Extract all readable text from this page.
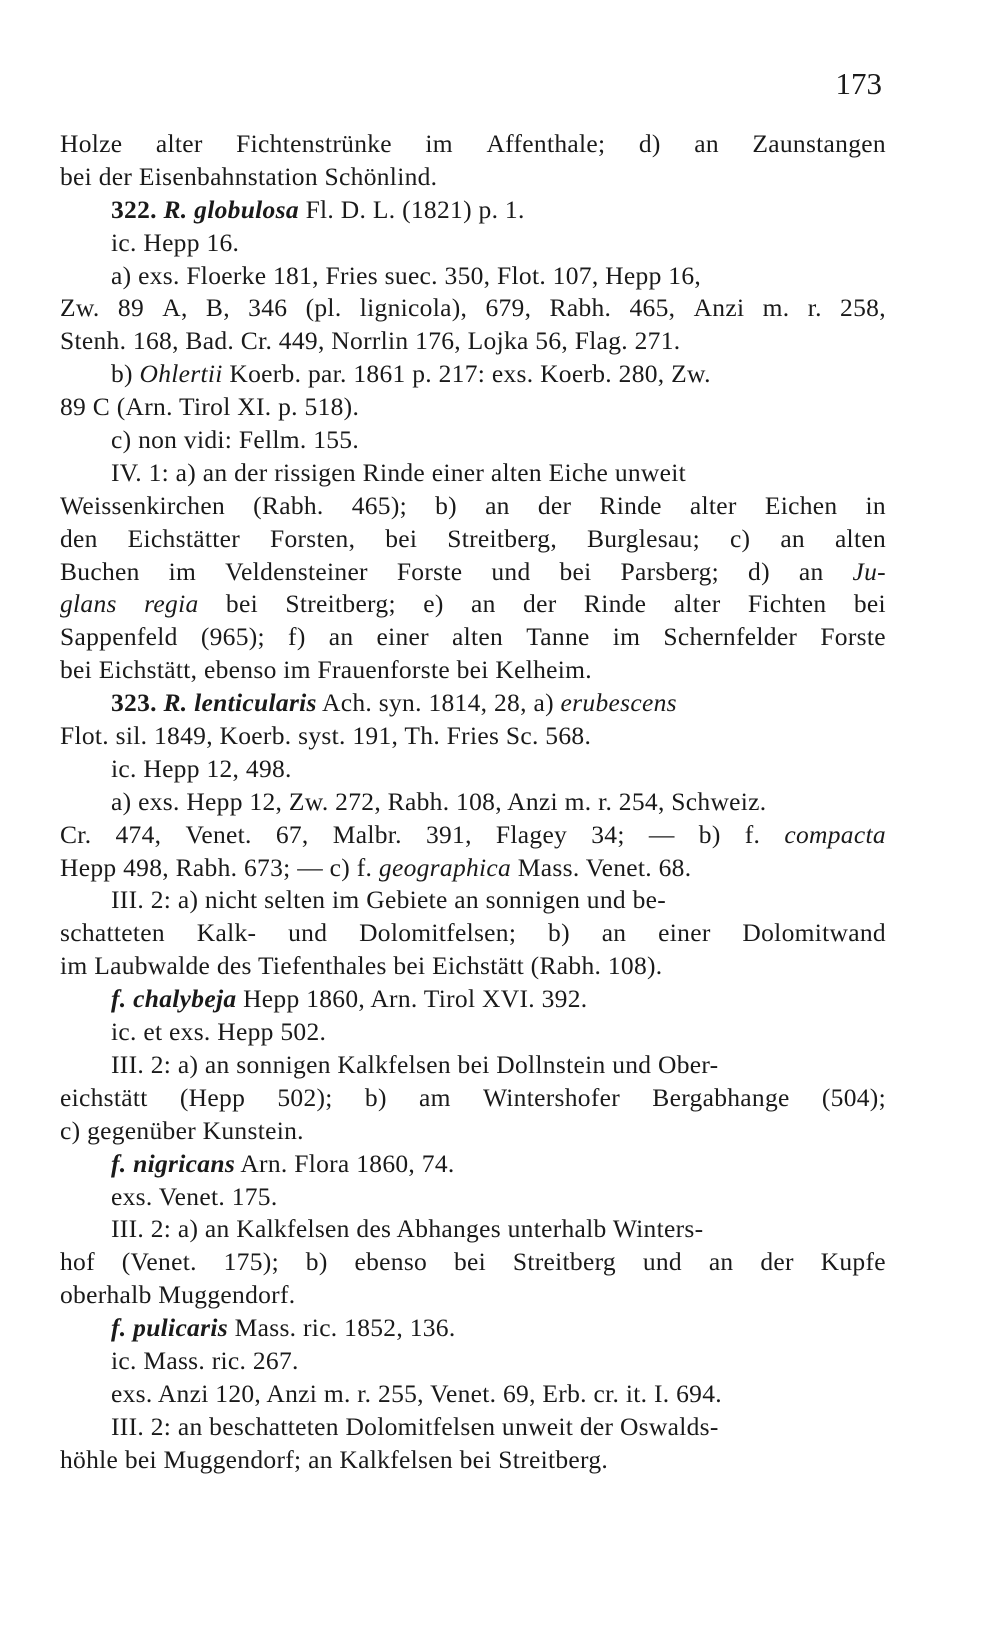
173
Holze alter Fichtenstrünke im Affenthale; d) an Zaunstangen
bei der Eisenbahnstation Schönlind.
322. R. globulosa Fl. D. L. (1821) p. 1.
ic. Hepp 16.
a) exs. Floerke 181, Fries suec. 350, Flot. 107, Hepp 16,
Zw. 89 A, B, 346 (pl. lignicola), 679, Rabh. 465, Anzi m. r. 258,
Stenh. 168, Bad. Cr. 449, Norrlin 176, Lojka 56, Flag. 271.
b) Ohlertii Koerb. par. 1861 p. 217: exs. Koerb. 280, Zw.
89 C (Arn. Tirol XI. p. 518).
c) non vidi: Fellm. 155.
IV. 1: a) an der rissigen Rinde einer alten Eiche unweit
Weissenkirchen (Rabh. 465); b) an der Rinde alter Eichen in
den Eichstätter Forsten, bei Streitberg, Burglesau; c) an alten
Buchen im Veldensteiner Forste und bei Parsberg; d) an Ju-
glans regia bei Streitberg; e) an der Rinde alter Fichten bei
Sappenfeld (965); f) an einer alten Tanne im Schernfelder Forste
bei Eichstätt, ebenso im Frauenforste bei Kelheim.
323. R. lenticularis Ach. syn. 1814, 28, a) erubescens
Flot. sil. 1849, Koerb. syst. 191, Th. Fries Sc. 568.
ic. Hepp 12, 498.
a) exs. Hepp 12, Zw. 272, Rabh. 108, Anzi m. r. 254, Schweiz.
Cr. 474, Venet. 67, Malbr. 391, Flagey 34; — b) f. compacta
Hepp 498, Rabh. 673; — c) f. geographica Mass. Venet. 68.
III. 2: a) nicht selten im Gebiete an sonnigen und be-
schatteten Kalk- und Dolomitfelsen; b) an einer Dolomitwand
im Laubwalde des Tiefenthales bei Eichstätt (Rabh. 108).
f. chalybeja Hepp 1860, Arn. Tirol XVI. 392.
ic. et exs. Hepp 502.
III. 2: a) an sonnigen Kalkfelsen bei Dollnstein und Ober-
eichstätt (Hepp 502); b) am Wintershofer Bergabhange (504);
c) gegenüber Kunstein.
f. nigricans Arn. Flora 1860, 74.
exs. Venet. 175.
III. 2: a) an Kalkfelsen des Abhanges unterhalb Winters-
hof (Venet. 175); b) ebenso bei Streitberg und an der Kupfe
oberhalb Muggendorf.
f. pulicaris Mass. ric. 1852, 136.
ic. Mass. ric. 267.
exs. Anzi 120, Anzi m. r. 255, Venet. 69, Erb. cr. it. I. 694.
III. 2: an beschatteten Dolomitfelsen unweit der Oswalds-
höhle bei Muggendorf; an Kalkfelsen bei Streitberg.
